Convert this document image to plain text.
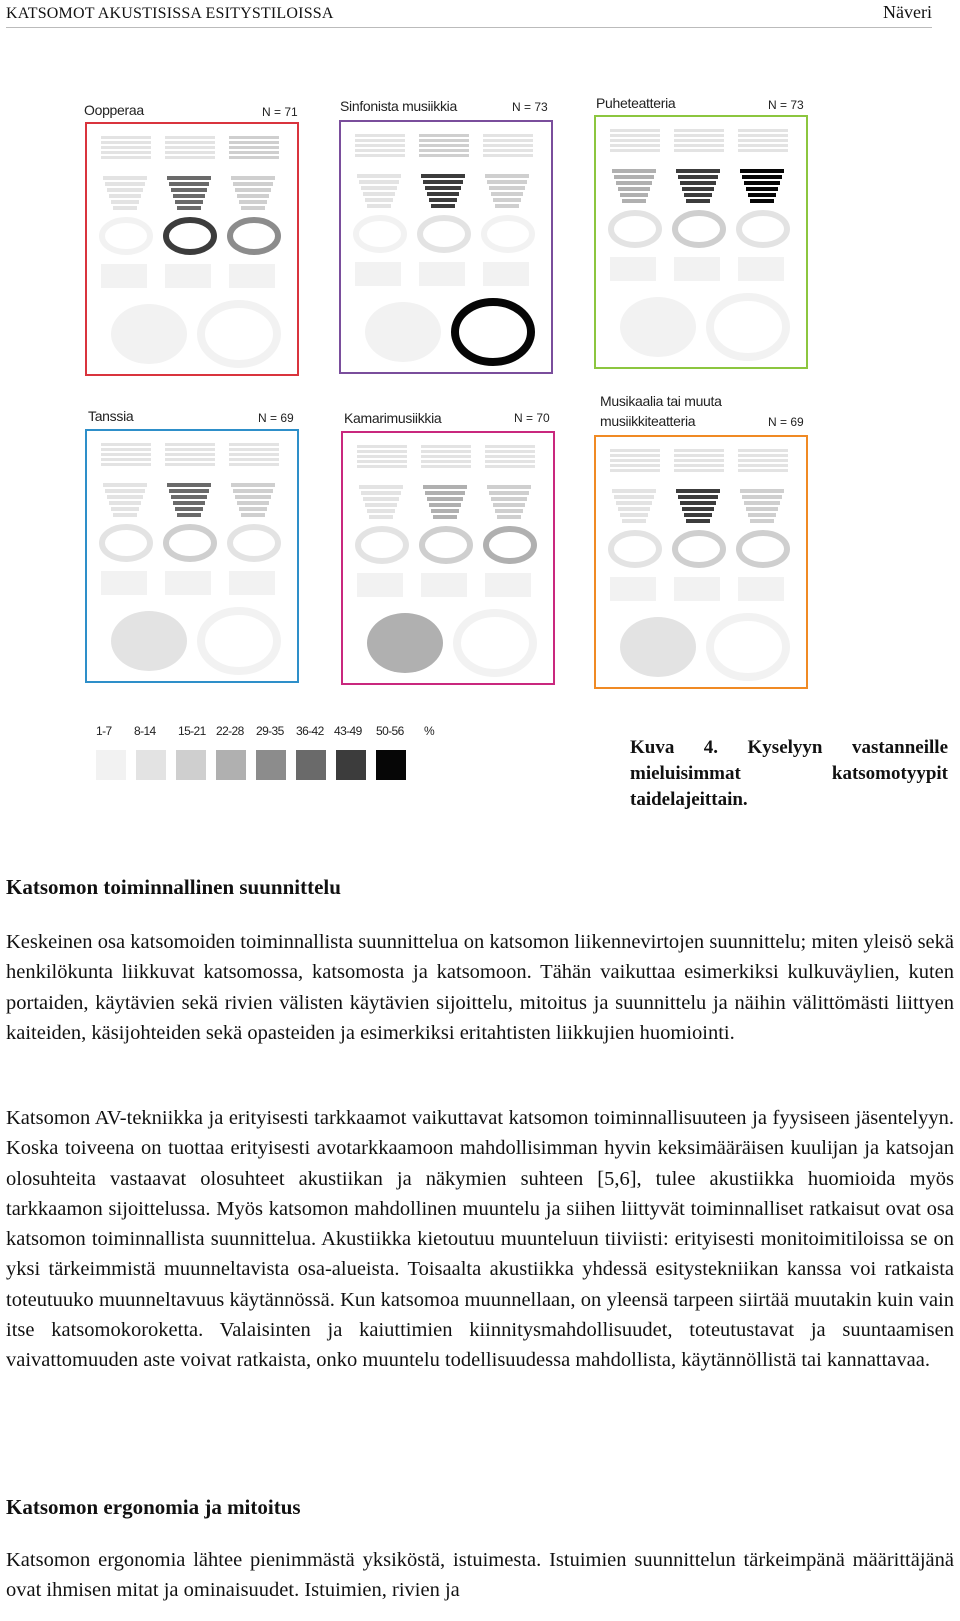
KATSOMOT AKUSTISISSA ESITYSTILOISSA	Näveri
Oopperaa	N = 71	Sinfonista musiikkia	N = 73	Puheteatteria	N = 73
Tanssia	N = 69	Kamarimusiikkia	N = 70
Musikaalia tai muuta musiikkiteatteria	N = 69
1-7 8-14 15-21 22-28 29-35 36-42 43-49 50-56 %
Kuva 4. Kyselyyn vastanneille mieluisimmat katsomotyypit taidelajeittain.
Katsomon toiminnallinen suunnittelu

Keskeinen osa katsomoiden toiminnallista suunnittelua on katsomon liikennevirtojen suunnittelu; miten yleisö sekä henkilökunta liikkuvat katsomossa, katsomosta ja katsomoon. Tähän vaikuttaa esimerkiksi kulkuväylien, kuten portaiden, käytävien sekä rivien välisten käytävien sijoittelu, mitoitus ja suunnittelu ja näihin välittömästi liittyen kaiteiden, käsijohteiden sekä opasteiden ja esimerkiksi eritahtisten liikkujien huomiointi.

Katsomon AV-tekniikka ja erityisesti tarkkaamot vaikuttavat katsomon toiminnallisuuteen ja fyysiseen jäsentelyyn. Koska toiveena on tuottaa erityisesti avotarkkaamoon mahdollisimman hyvin keksimääräisen kuulijan ja katsojan olosuhteita vastaavat olosuhteet akustiikan ja näkymien suhteen [5,6], tulee akustiikka huomioida myös tarkkaamon sijoittelussa. Myös katsomon mahdollinen muuntelu ja siihen liittyvät toiminnalliset ratkaisut ovat osa katsomon toiminnallista suunnittelua. Akustiikka kietoutuu muunteluun tiiviisti: erityisesti monitoimitiloissa se on yksi tärkeimmistä muunneltavista osa-alueista. Toisaalta akustiikka yhdessä esitystekniikan kanssa voi ratkaista toteutuuko muunneltavuus käytännössä. Kun katsomoa muunnellaan, on yleensä tarpeen siirtää muutakin kuin vain itse katsomokoroketta. Valaisinten ja kaiuttimien kiinnitysmahdollisuudet, toteutustavat ja suuntaamisen vaivattomuuden aste voivat ratkaista, onko muuntelu todellisuudessa mahdollista, käytännöllistä tai kannattavaa.

Katsomon ergonomia ja mitoitus

Katsomon ergonomia lähtee pienimmästä yksiköstä, istuimesta. Istuimien suunnittelun tärkeimpänä määrittäjänä ovat ihmisen mitat ja ominaisuudet. Istuimien, rivien ja
